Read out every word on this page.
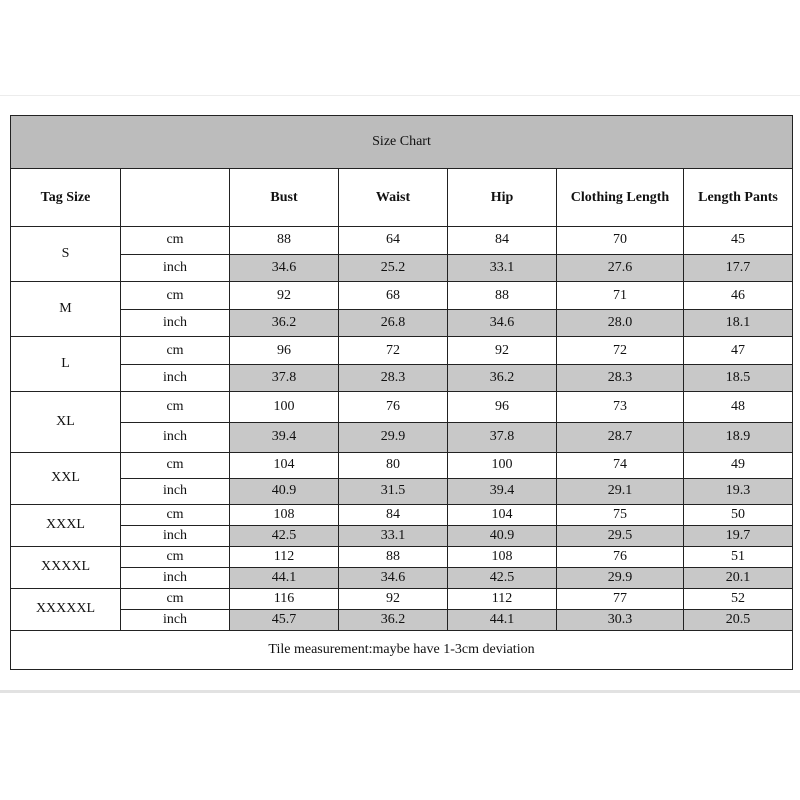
Size Chart						
Tag Size		Bust	Waist	Hip	Clothing Length	Length Pants
S	cm	88	64	84	70	45
	inch	34.6	25.2	33.1	27.6	17.7
M	cm	92	68	88	71	46
	inch	36.2	26.8	34.6	28.0	18.1
L	cm	96	72	92	72	47
	inch	37.8	28.3	36.2	28.3	18.5
XL	cm	100	76	96	73	48
	inch	39.4	29.9	37.8	28.7	18.9
XXL	cm	104	80	100	74	49
	inch	40.9	31.5	39.4	29.1	19.3
XXXL	cm	108	84	104	75	50
	inch	42.5	33.1	40.9	29.5	19.7
XXXXL	cm	112	88	108	76	51
	inch	44.1	34.6	42.5	29.9	20.1
XXXXXL	cm	116	92	112	77	52
	inch	45.7	36.2	44.1	30.3	20.5
Tile measurement:maybe have 1-3cm deviation						
